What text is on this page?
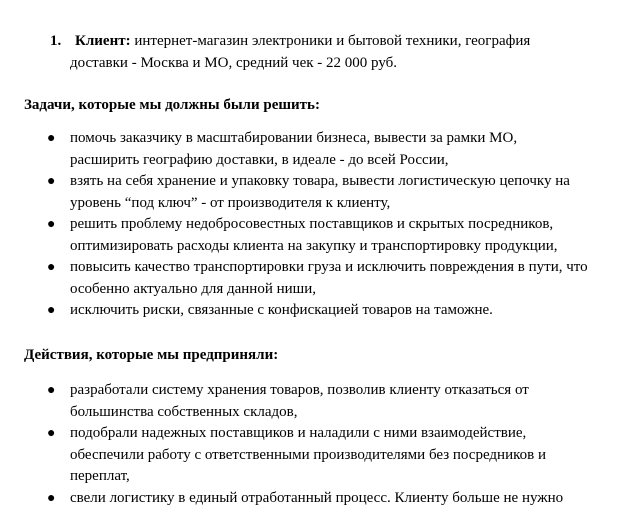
1. Клиент: интернет-магазин электроники и бытовой техники, география
доставки - Москва и МО, средний чек - 22 000 руб.
Задачи, которые мы должны были решить:
● помочь заказчику в масштабировании бизнеса, вывести за рамки МО,
расширить географию доставки, в идеале - до всей России,
● взять на себя хранение и упаковку товара, вывести логистическую цепочку на
уровень “под ключ” - от производителя к клиенту,
● решить проблему недобросовестных поставщиков и скрытых посредников,
оптимизировать расходы клиента на закупку и транспортировку продукции,
● повысить качество транспортировки груза и исключить повреждения в пути, что
особенно актуально для данной ниши,
● исключить риски, связанные с конфискацией товаров на таможне.
Действия, которые мы предприняли:
● разработали систему хранения товаров, позволив клиенту отказаться от
большинства собственных складов,
● подобрали надежных поставщиков и наладили с ними взаимодействие,
обеспечили работу с ответственными производителями без посредников и
переплат,
● свели логистику в единый отработанный процесс. Клиенту больше не нужно
